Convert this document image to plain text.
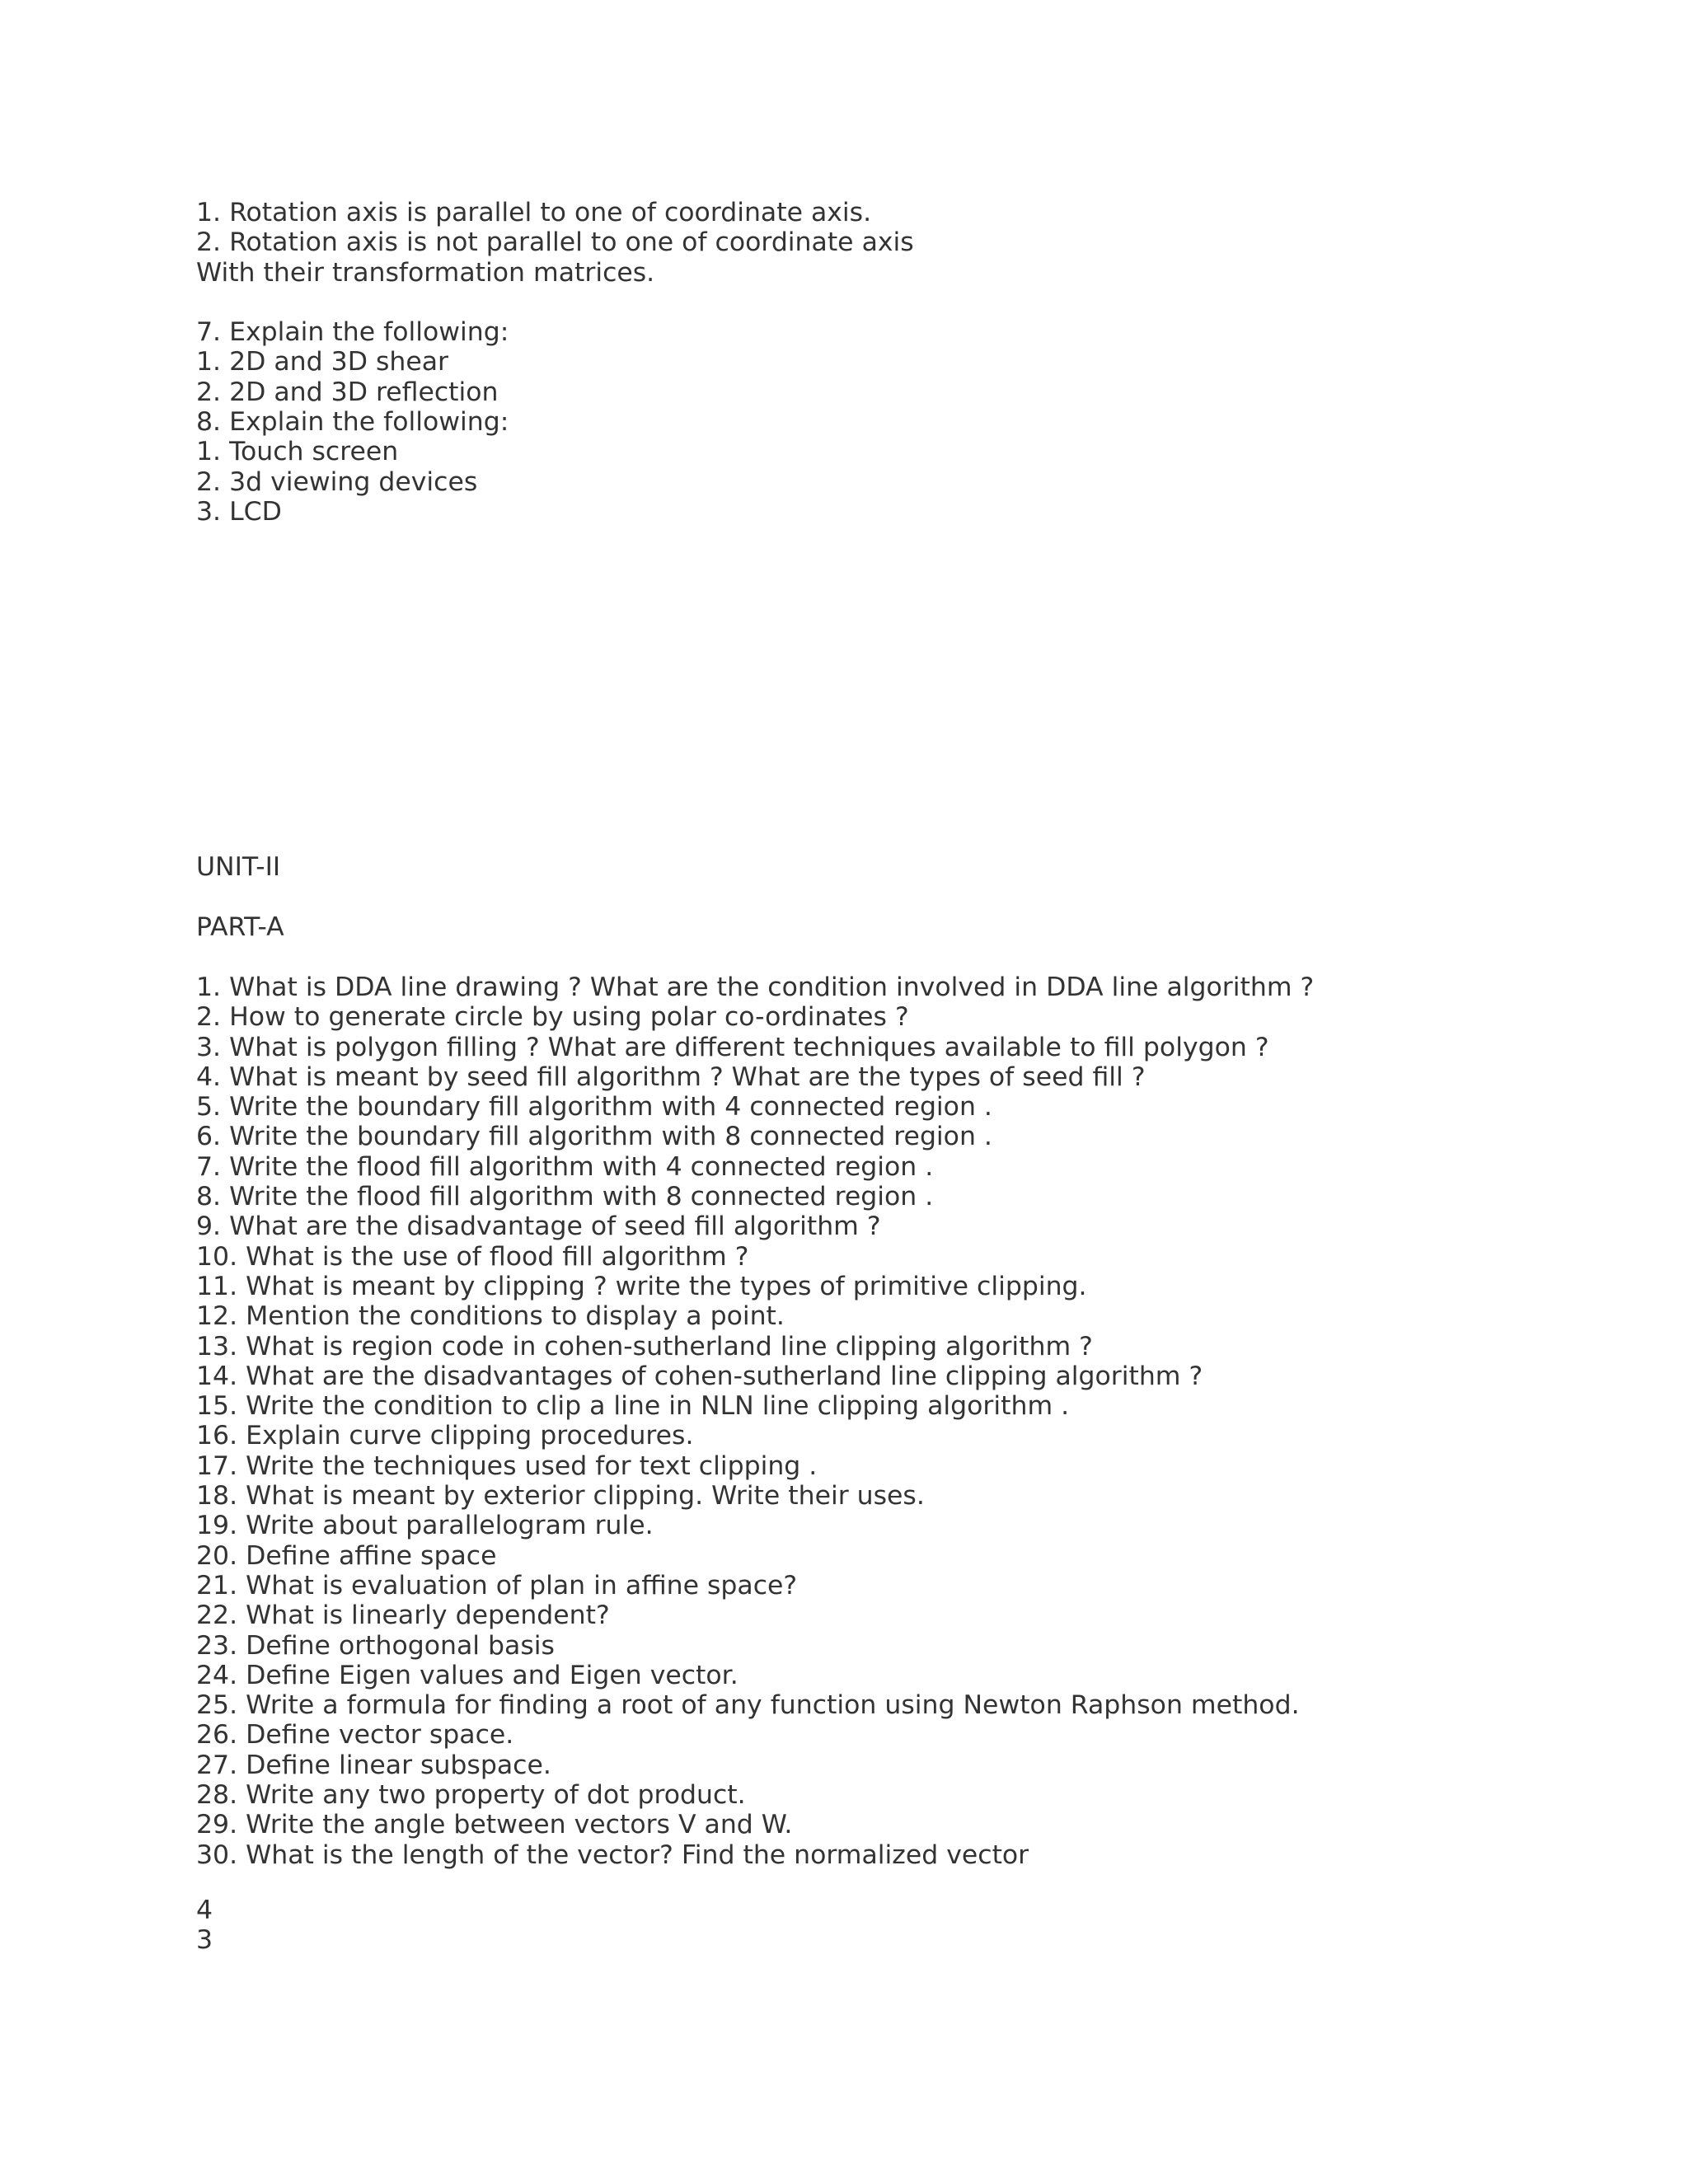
1. Rotation axis is parallel to one of coordinate axis.
2. Rotation axis is not parallel to one of coordinate axis
With their transformation matrices.
7. Explain the following:
1. 2D and 3D shear
2. 2D and 3D reflection
8. Explain the following:
1. Touch screen
2. 3d viewing devices
3. LCD
UNIT-II
PART-A
1. What is DDA line drawing ? What are the condition involved in DDA line algorithm ?
2. How to generate circle by using polar co-ordinates ?
3. What is polygon filling ? What are different techniques available to fill polygon ?
4. What is meant by seed fill algorithm ? What are the types of seed fill ?
5. Write the boundary fill algorithm with 4 connected region .
6. Write the boundary fill algorithm with 8 connected region .
7. Write the flood fill algorithm with 4 connected region .
8. Write the flood fill algorithm with 8 connected region .
9. What are the disadvantage of seed fill algorithm ?
10. What is the use of flood fill algorithm ?
11. What is meant by clipping ? write the types of primitive clipping.
12. Mention the conditions to display a point.
13. What is region code in cohen-sutherland line clipping algorithm ?
14. What are the disadvantages of cohen-sutherland line clipping algorithm ?
15. Write the condition to clip a line in NLN line clipping algorithm .
16. Explain curve clipping procedures.
17. Write the techniques used for text clipping .
18. What is meant by exterior clipping. Write their uses.
19. Write about parallelogram rule.
20. Define affine space
21. What is evaluation of plan in affine space?
22. What is linearly dependent?
23. Define orthogonal basis
24. Define Eigen values and Eigen vector.
25. Write a formula for finding a root of any function using Newton Raphson method.
26. Define vector space.
27. Define linear subspace.
28. Write any two property of dot product.
29. Write the angle between vectors V and W.
30. What is the length of the vector? Find the normalized vector
4
3
